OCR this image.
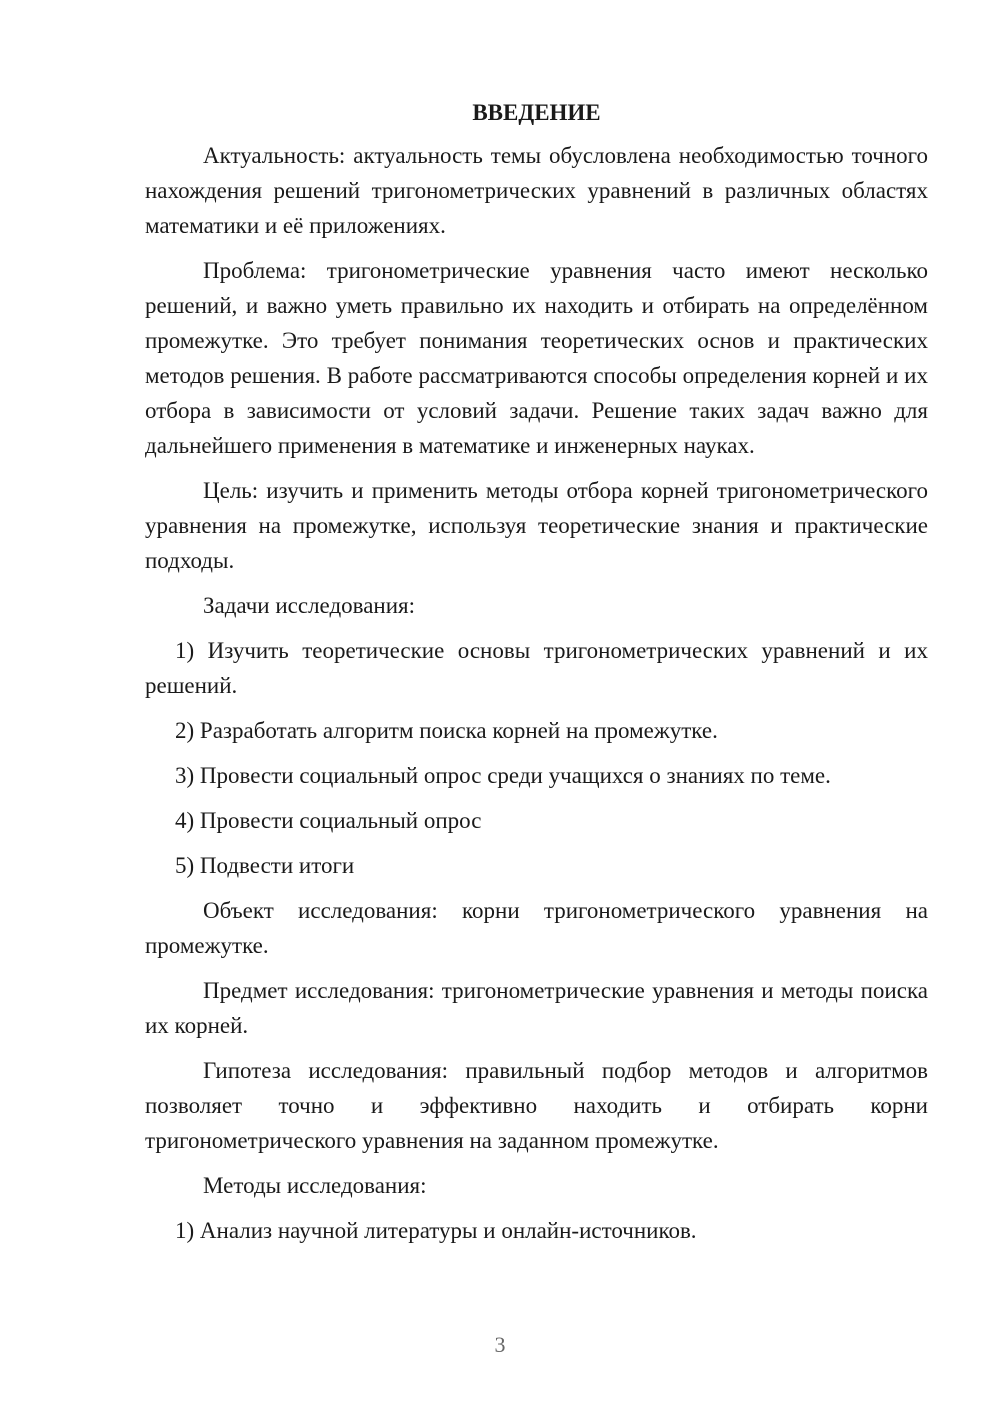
ВВЕДЕНИЕ

Актуальность: актуальность темы обусловлена необходимостью точного нахождения решений тригонометрических уравнений в различных областях математики и её приложениях.

Проблема: тригонометрические уравнения часто имеют несколько решений, и важно уметь правильно их находить и отбирать на определённом промежутке. Это требует понимания теоретических основ и практических методов решения. В работе рассматриваются способы определения корней и их отбора в зависимости от условий задачи. Решение таких задач важно для дальнейшего применения в математике и инженерных науках.

Цель: изучить и применить методы отбора корней тригонометрического уравнения на промежутке, используя теоретические знания и практические подходы.

Задачи исследования:

1) Изучить теоретические основы тригонометрических уравнений и их решений.

2) Разработать алгоритм поиска корней на промежутке.

3) Провести социальный опрос среди учащихся о знаниях по теме.

4) Провести социальный опрос

5) Подвести итоги

Объект исследования: корни тригонометрического уравнения на промежутке.

Предмет исследования: тригонометрические уравнения и методы поиска их корней.

Гипотеза исследования: правильный подбор методов и алгоритмов позволяет точно и эффективно находить и отбирать корни тригонометрического уравнения на заданном промежутке.

Методы исследования:

1) Анализ научной литературы и онлайн-источников.

3
